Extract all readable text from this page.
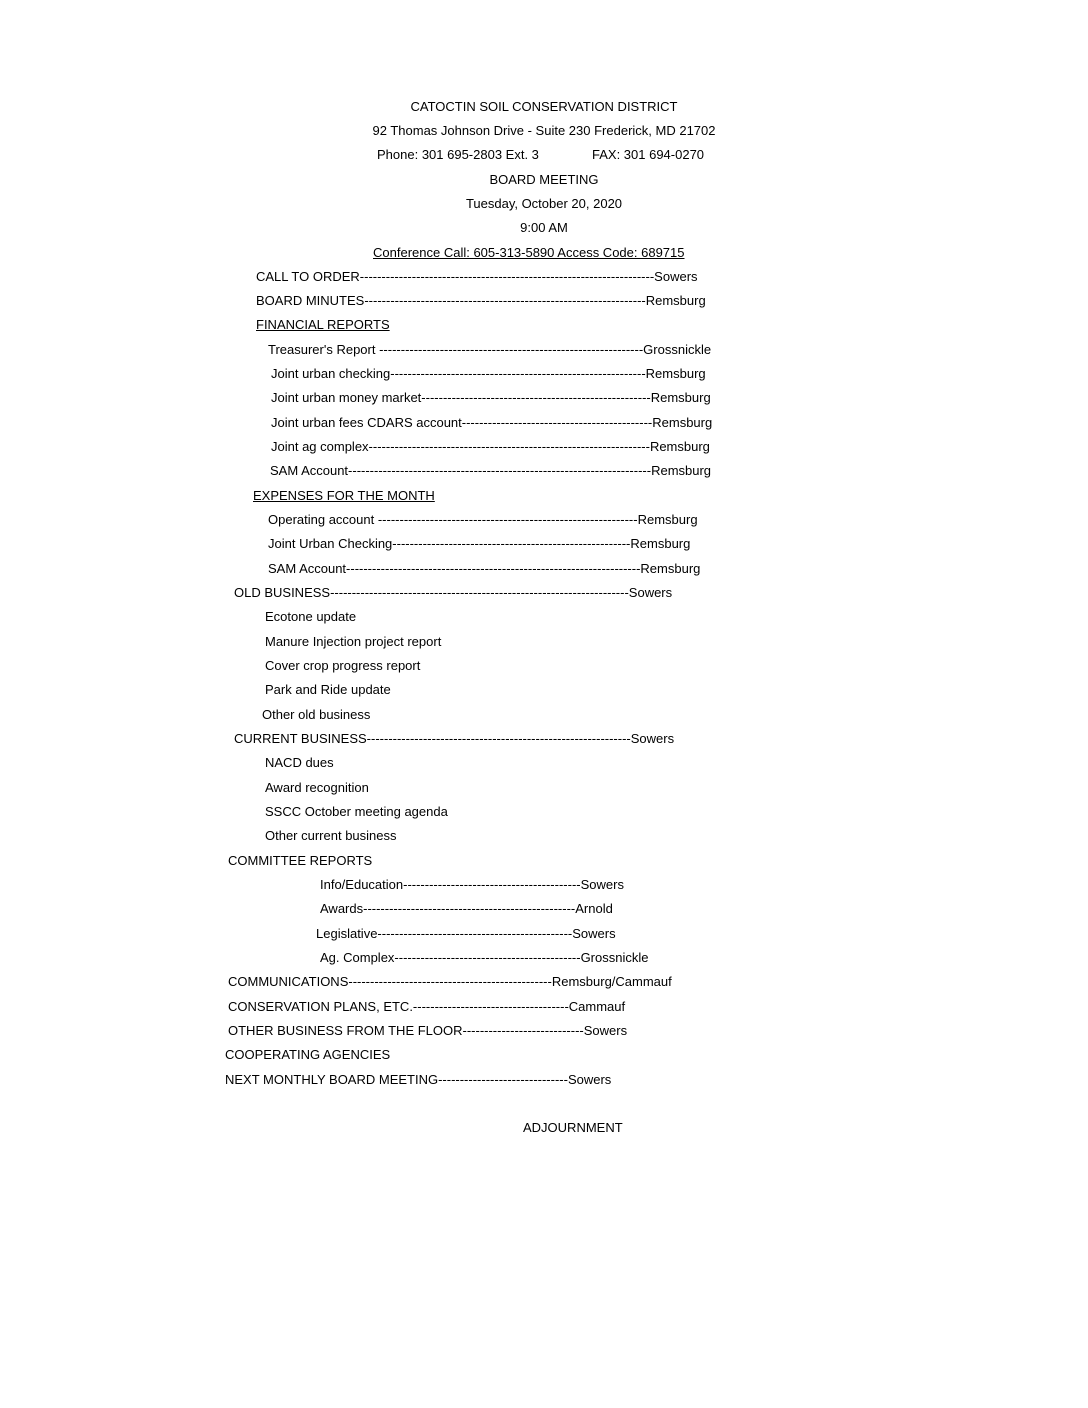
CATOCTIN SOIL CONSERVATION DISTRICT
92 Thomas Johnson Drive - Suite 230 Frederick, MD 21702
Phone: 301 695-2803 Ext. 3	FAX: 301 694-0270
BOARD MEETING
Tuesday, October 20, 2020
9:00 AM
Conference Call: 605-313-5890 Access Code: 689715
CALL TO ORDER--------------------------------------------------------------------Sowers
BOARD MINUTES-----------------------------------------------------------------Remsburg
FINANCIAL REPORTS
Treasurer's Report -------------------------------------------------------------Grossnickle
Joint urban checking-----------------------------------------------------------Remsburg
Joint urban money market-----------------------------------------------------Remsburg
Joint urban fees CDARS account--------------------------------------------Remsburg
Joint ag complex-----------------------------------------------------------------Remsburg
SAM Account----------------------------------------------------------------------Remsburg
EXPENSES FOR THE MONTH
Operating account ------------------------------------------------------------Remsburg
Joint Urban Checking-------------------------------------------------------Remsburg
SAM Account--------------------------------------------------------------------Remsburg
OLD BUSINESS---------------------------------------------------------------------Sowers
Ecotone update
Manure Injection project report
Cover crop progress report
Park and Ride update
Other old business
CURRENT BUSINESS-------------------------------------------------------------Sowers
NACD dues
Award recognition
SSCC October meeting agenda
Other current business
COMMITTEE REPORTS
Info/Education-----------------------------------------Sowers
Awards-------------------------------------------------Arnold
Legislative---------------------------------------------Sowers
Ag. Complex-------------------------------------------Grossnickle
COMMUNICATIONS-----------------------------------------------Remsburg/Cammauf
CONSERVATION PLANS, ETC.------------------------------------Cammauf
OTHER BUSINESS FROM THE FLOOR----------------------------Sowers
COOPERATING AGENCIES
NEXT MONTHLY BOARD MEETING------------------------------Sowers
ADJOURNMENT
